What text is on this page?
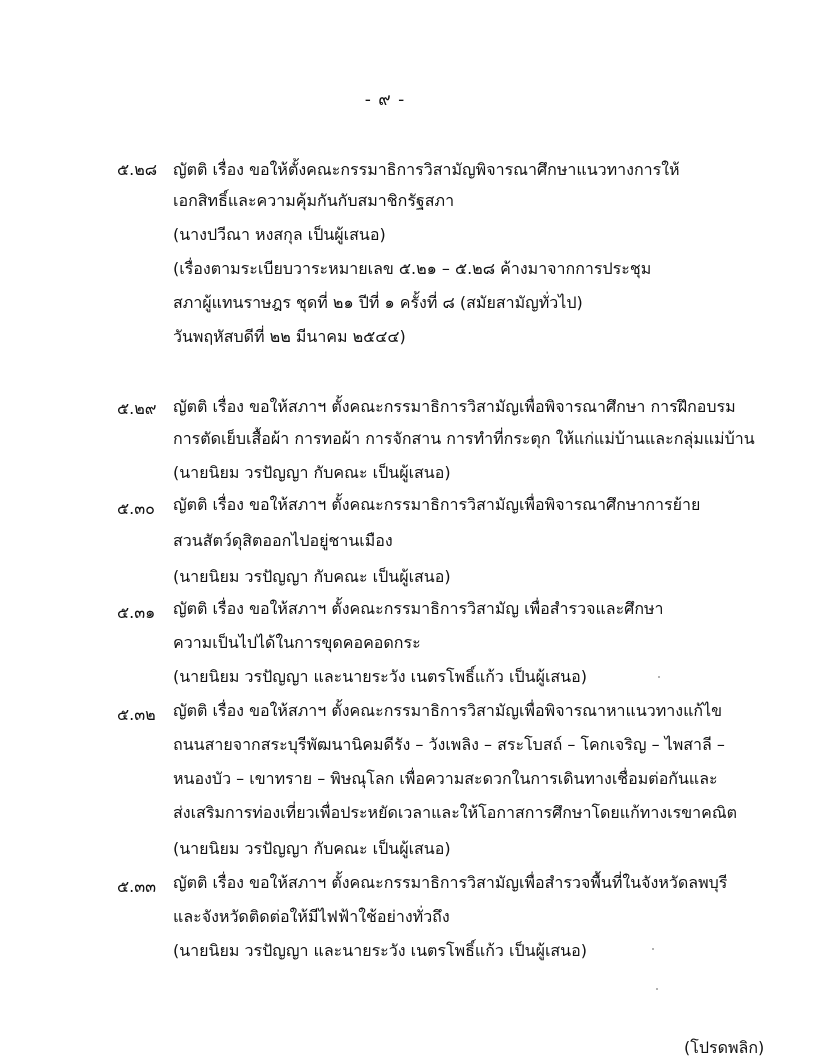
- ๙ -
๕.๒๘ ญัตติ เรื่อง ขอให้ตั้งคณะกรรมาธิการวิสามัญพิจารณาศึกษาแนวทางการให้
เอกสิทธิ์และความคุ้มกันกับสมาชิกรัฐสภา
(นางปวีณา หงสกุล เป็นผู้เสนอ)
(เรื่องตามระเบียบวาระหมายเลข ๕.๒๑ – ๕.๒๘ ค้างมาจากการประชุม
สภาผู้แทนราษฎร ชุดที่ ๒๑ ปีที่ ๑ ครั้งที่ ๘ (สมัยสามัญทั่วไป)
วันพฤหัสบดีที่ ๒๒ มีนาคม ๒๕๔๔)
๕.๒๙ ญัตติ เรื่อง ขอให้สภาฯ ตั้งคณะกรรมาธิการวิสามัญเพื่อพิจารณาศึกษา การฝึกอบรม
การตัดเย็บเสื้อผ้า การทอผ้า การจักสาน การทำที่กระตุก ให้แก่แม่บ้านและกลุ่มแม่บ้าน
(นายนิยม วรปัญญา กับคณะ เป็นผู้เสนอ)
๕.๓๐ ญัตติ เรื่อง ขอให้สภาฯ ตั้งคณะกรรมาธิการวิสามัญเพื่อพิจารณาศึกษาการย้าย
สวนสัตว์ดุสิตออกไปอยู่ชานเมือง
(นายนิยม วรปัญญา กับคณะ เป็นผู้เสนอ)
๕.๓๑ ญัตติ เรื่อง ขอให้สภาฯ ตั้งคณะกรรมาธิการวิสามัญ เพื่อสำรวจและศึกษา
ความเป็นไปได้ในการขุดคอคอดกระ
(นายนิยม วรปัญญา และนายระวัง เนตรโพธิ์แก้ว เป็นผู้เสนอ)
๕.๓๒ ญัตติ เรื่อง ขอให้สภาฯ ตั้งคณะกรรมาธิการวิสามัญเพื่อพิจารณาหาแนวทางแก้ไข
ถนนสายจากสระบุรีพัฒนานิคมดีรัง – วังเพลิง – สระโบสถ์ – โคกเจริญ – ไพสาลี –
หนองบัว – เขาทราย – พิษณุโลก เพื่อความสะดวกในการเดินทางเชื่อมต่อกันและ
ส่งเสริมการท่องเที่ยวเพื่อประหยัดเวลาและให้โอกาสการศึกษาโดยแก้ทางเรขาคณิต
(นายนิยม วรปัญญา กับคณะ เป็นผู้เสนอ)
๕.๓๓ ญัตติ เรื่อง ขอให้สภาฯ ตั้งคณะกรรมาธิการวิสามัญเพื่อสำรวจพื้นที่ในจังหวัดลพบุรี
และจังหวัดติดต่อให้มีไฟฟ้าใช้อย่างทั่วถึง
(นายนิยม วรปัญญา และนายระวัง เนตรโพธิ์แก้ว เป็นผู้เสนอ)
(โปรดพลิก)
